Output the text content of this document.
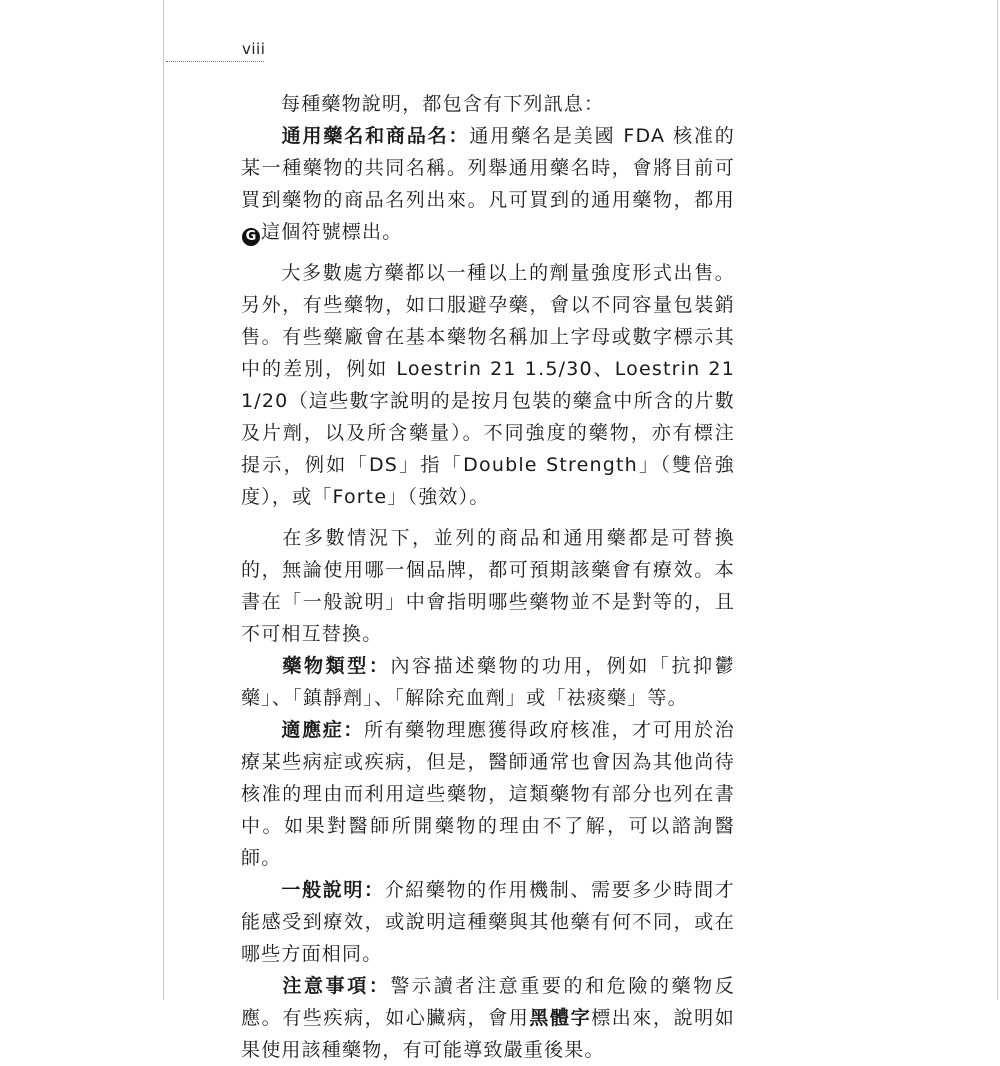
viii

每種藥物說明，都包含有下列訊息：

通用藥名和商品名：通用藥名是美國 FDA 核准的某一種藥物的共同名稱。列舉通用藥名時，會將目前可買到藥物的商品名列出來。凡可買到的通用藥物，都用G 這個符號標出。

大多數處方藥都以一種以上的劑量強度形式出售。另外，有些藥物，如口服避孕藥，會以不同容量包裝銷售。有些藥廠會在基本藥物名稱加上字母或數字標示其中的差別，例如 Loestrin 21 1.5/30、Loestrin 21 1/20（這些數字說明的是按月包裝的藥盒中所含的片數及片劑，以及所含藥量）。不同強度的藥物，亦有標注提示，例如「DS」指「Double Strength」（雙倍強度），或「Forte」（強效）。

在多數情況下，並列的商品和通用藥都是可替換的，無論使用哪一個品牌，都可預期該藥會有療效。本書在「一般說明」中會指明哪些藥物並不是對等的，且不可相互替換。

藥物類型：內容描述藥物的功用，例如「抗抑鬱藥」、「鎮靜劑」、「解除充血劑」或「祛痰藥」等。

適應症：所有藥物理應獲得政府核准，才可用於治療某些病症或疾病，但是，醫師通常也會因為其他尚待核准的理由而利用這些藥物，這類藥物有部分也列在書中。如果對醫師所開藥物的理由不了解，可以諮詢醫師。

一般說明：介紹藥物的作用機制、需要多少時間才能感受到療效，或說明這種藥與其他藥有何不同，或在哪些方面相同。

注意事項：警示讀者注意重要的和危險的藥物反應。有些疾病，如心臟病，會用黑體字標出來，說明如果使用該種藥物，有可能導致嚴重後果。
